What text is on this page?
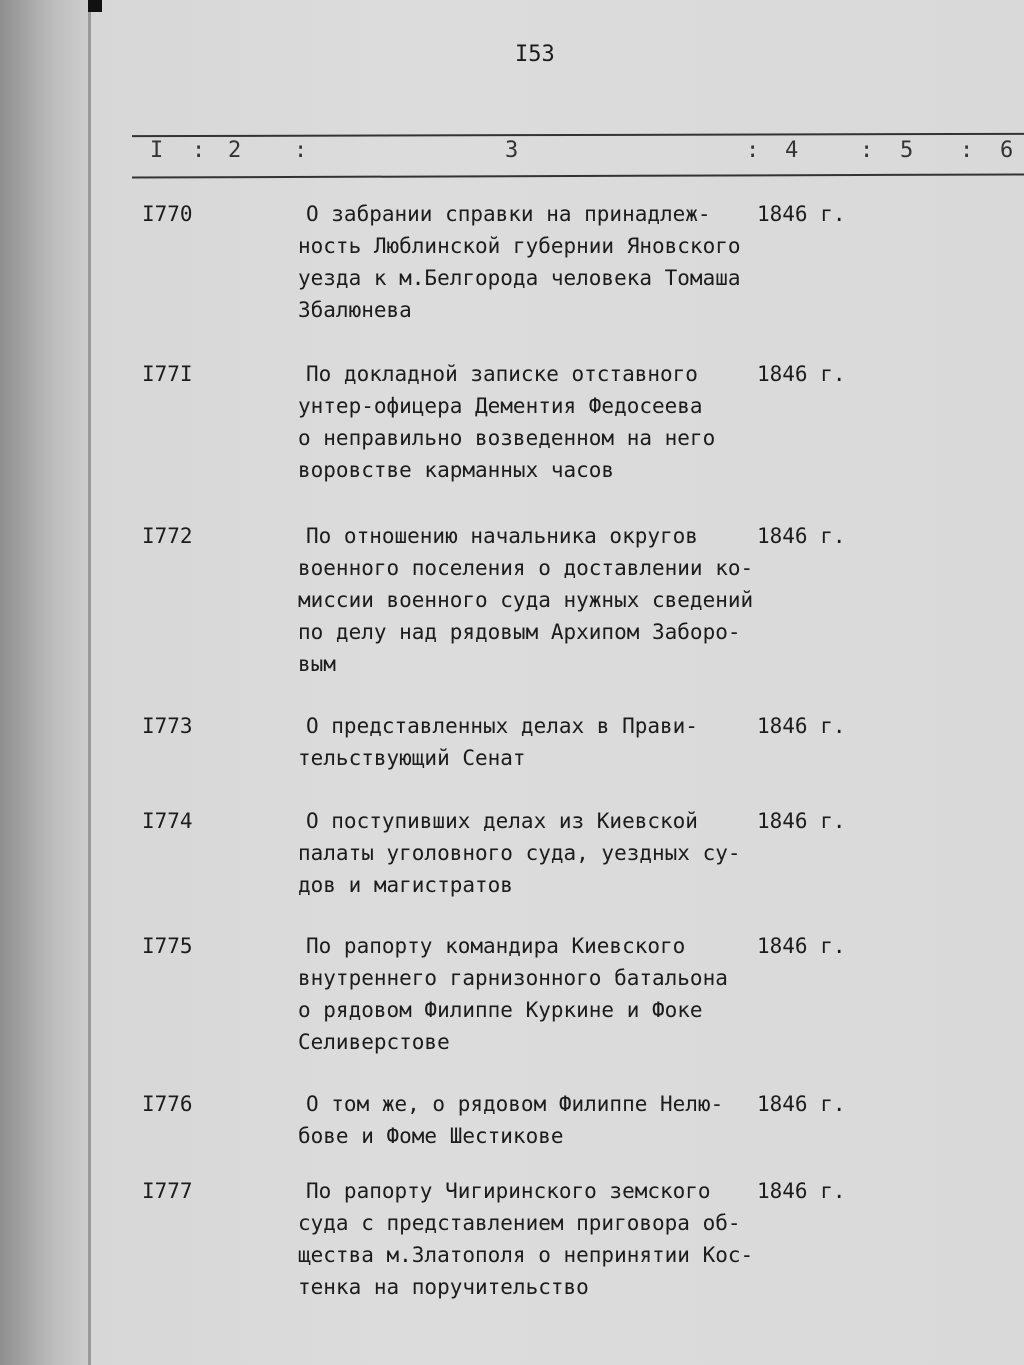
I53
I : 2 :	3	: 4	: 5 : 6
I770	О забрании справки на принадлеж-
ность Люблинской губернии Яновского
уезда к м.Белгорода человека Томаша
Збалюнева
1846 г.
I77I	По докладной записке отставного
унтер-офицера Дементия Федосеева
о неправильно возведенном на него
воровстве карманных часов
1846 г.
I772	По отношению начальника округов
военного поселения о доставлении ко-
миссии военного суда нужных сведений
по делу над рядовым Архипом Заборо-
вым
1846 г.
I773	О представленных делах в Прави-
тельствующий Сенат
1846 г.
I774	О поступивших делах из Киевской
палаты уголовного суда, уездных су-
дов и магистратов
1846 г.
I775	По рапорту командира Киевского
внутреннего гарнизонного батальона
о рядовом Филиппе Куркине и Фоке
Селиверстове
1846 г.
I776	О том же, о рядовом Филиппе Нелю-
бове и Фоме Шестикове
1846 г.
I777	По рапорту Чигиринского земского
суда с представлением приговора об-
щества м.Златополя о непринятии Кос-
тенка на поручительство
1846 г.
